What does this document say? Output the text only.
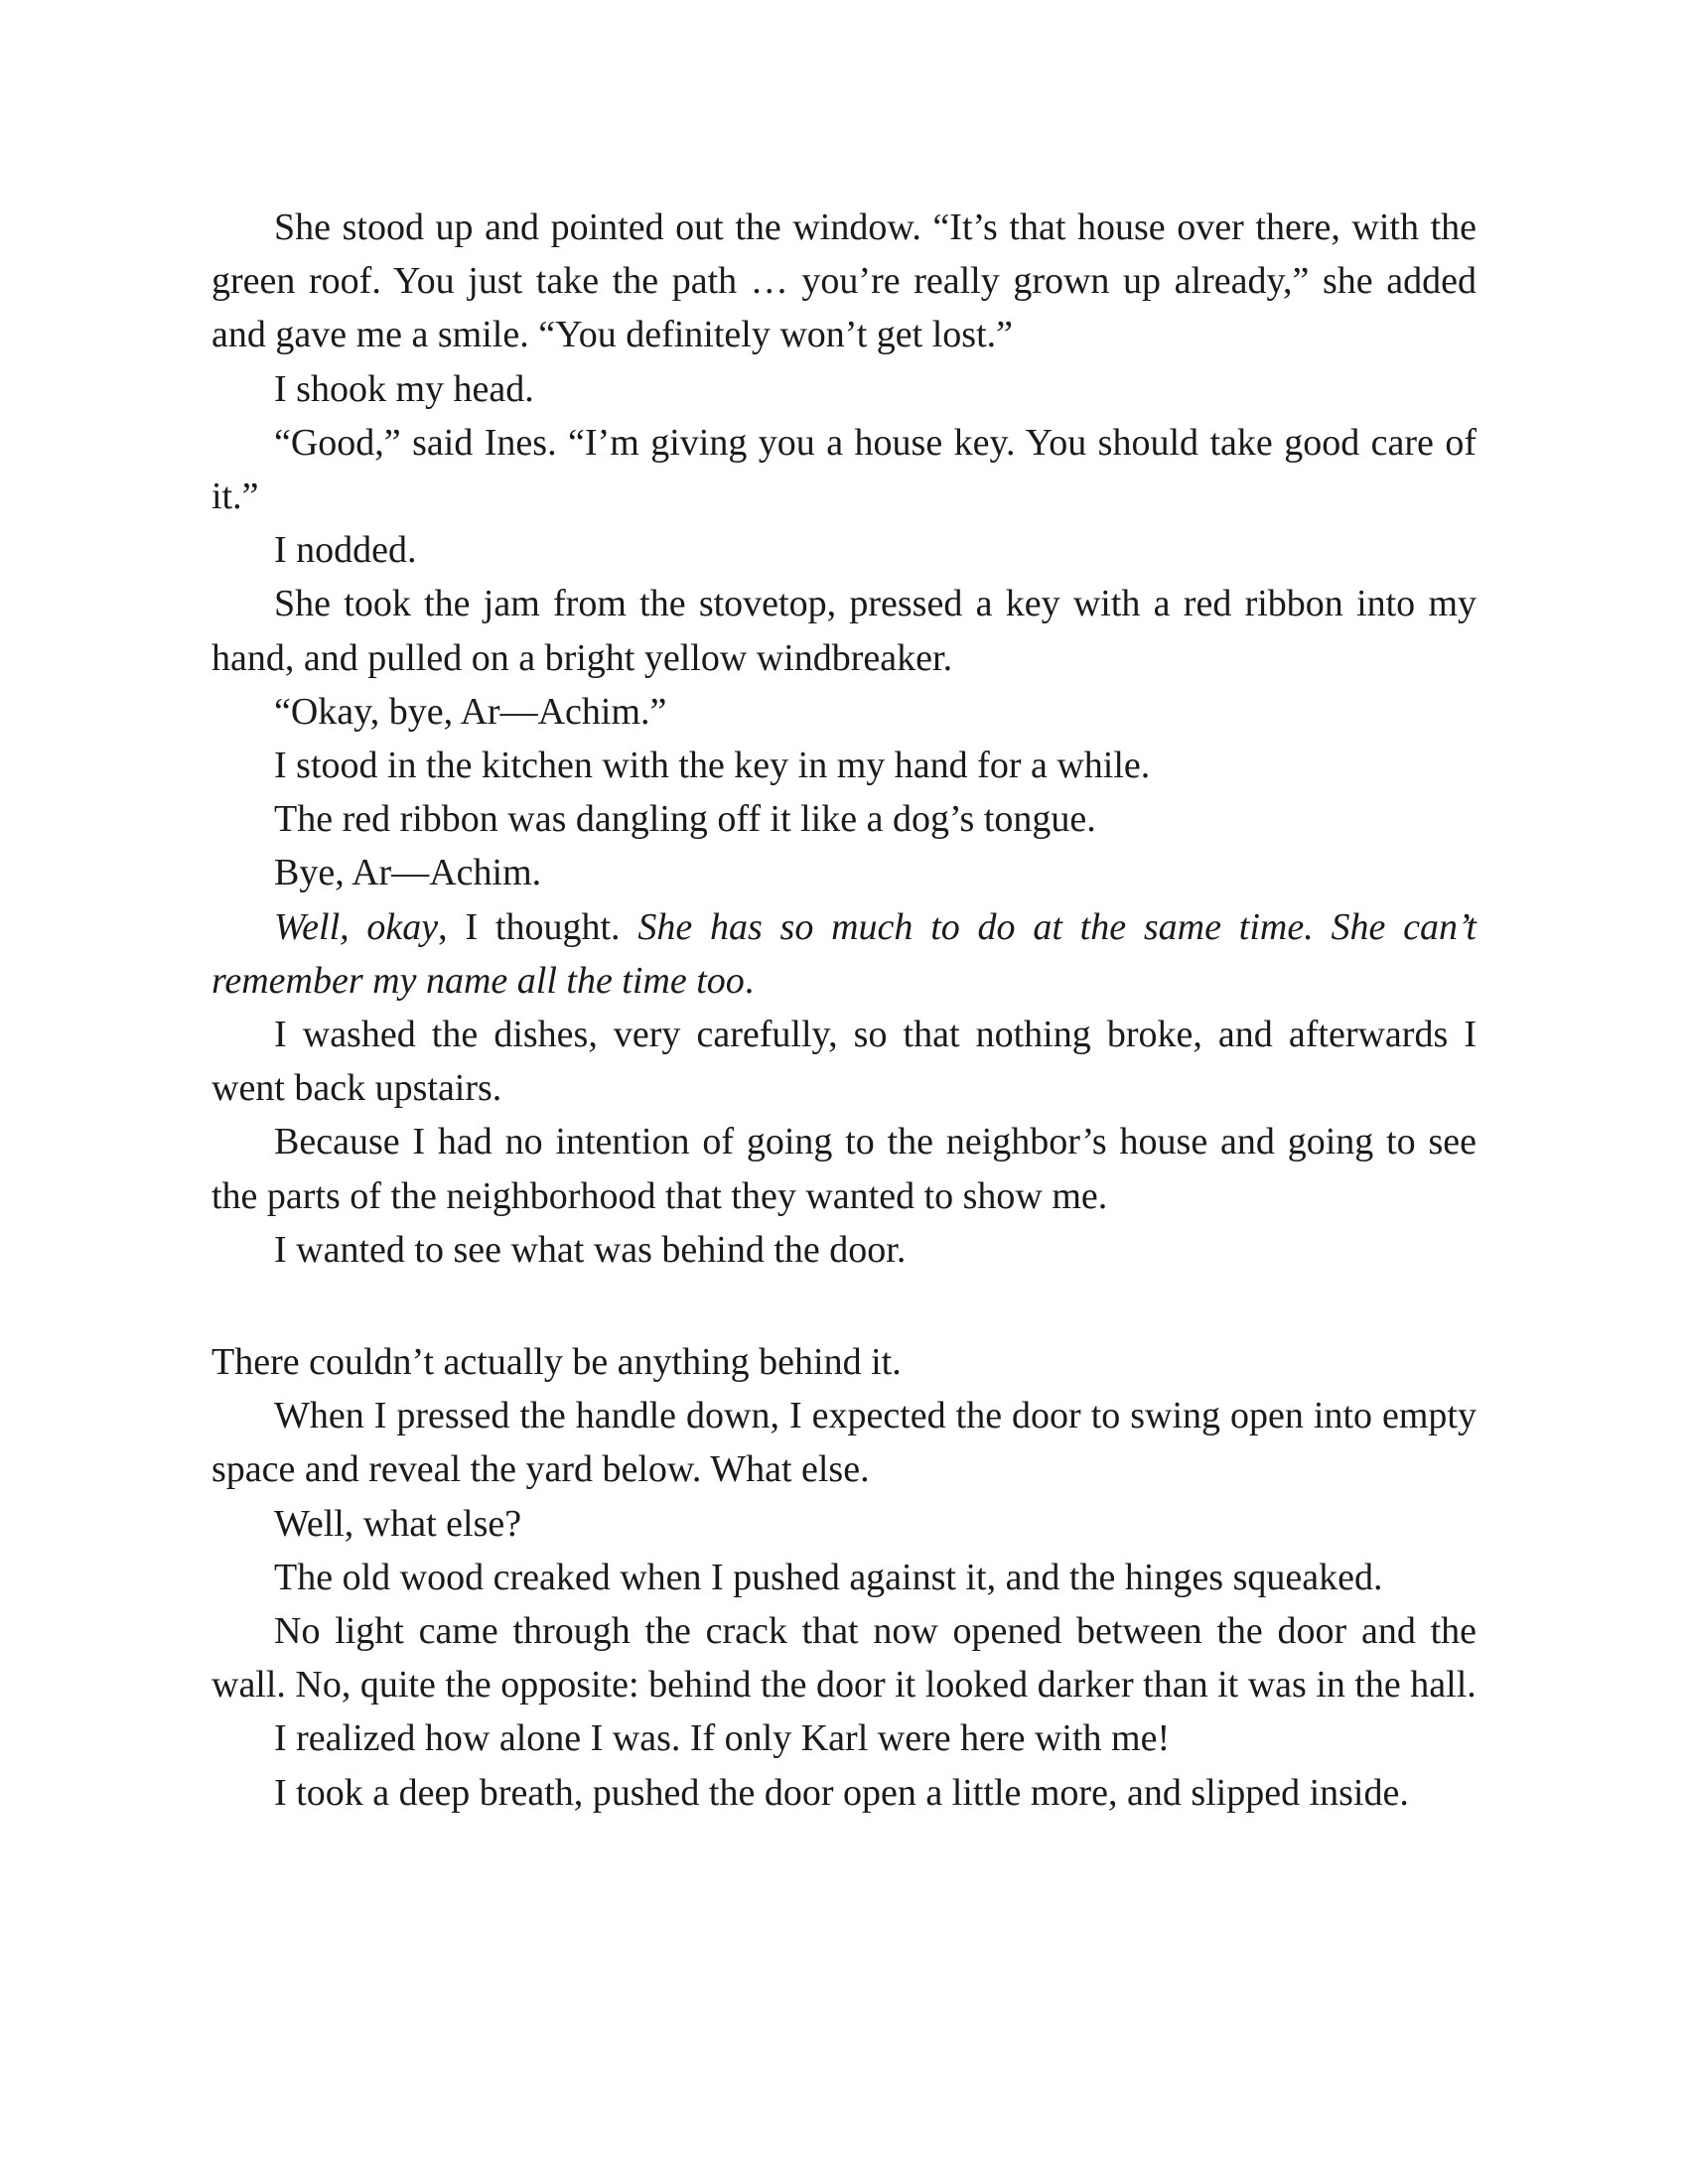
She stood up and pointed out the window. “It’s that house over there, with the green roof. You just take the path … you’re really grown up already,” she added and gave me a smile. “You definitely won’t get lost.”

I shook my head.

“Good,” said Ines. “I’m giving you a house key. You should take good care of it.”

I nodded.

She took the jam from the stovetop, pressed a key with a red ribbon into my hand, and pulled on a bright yellow windbreaker.

“Okay, bye, Ar—Achim.”

I stood in the kitchen with the key in my hand for a while.

The red ribbon was dangling off it like a dog’s tongue.

Bye, Ar—Achim.

Well, okay, I thought. She has so much to do at the same time. She can’t remember my name all the time too.

I washed the dishes, very carefully, so that nothing broke, and afterwards I went back upstairs.

Because I had no intention of going to the neighbor’s house and going to see the parts of the neighborhood that they wanted to show me.

I wanted to see what was behind the door.

There couldn’t actually be anything behind it.

When I pressed the handle down, I expected the door to swing open into empty space and reveal the yard below. What else.

Well, what else?

The old wood creaked when I pushed against it, and the hinges squeaked.

No light came through the crack that now opened between the door and the wall. No, quite the opposite: behind the door it looked darker than it was in the hall.

I realized how alone I was. If only Karl were here with me!

I took a deep breath, pushed the door open a little more, and slipped inside.
